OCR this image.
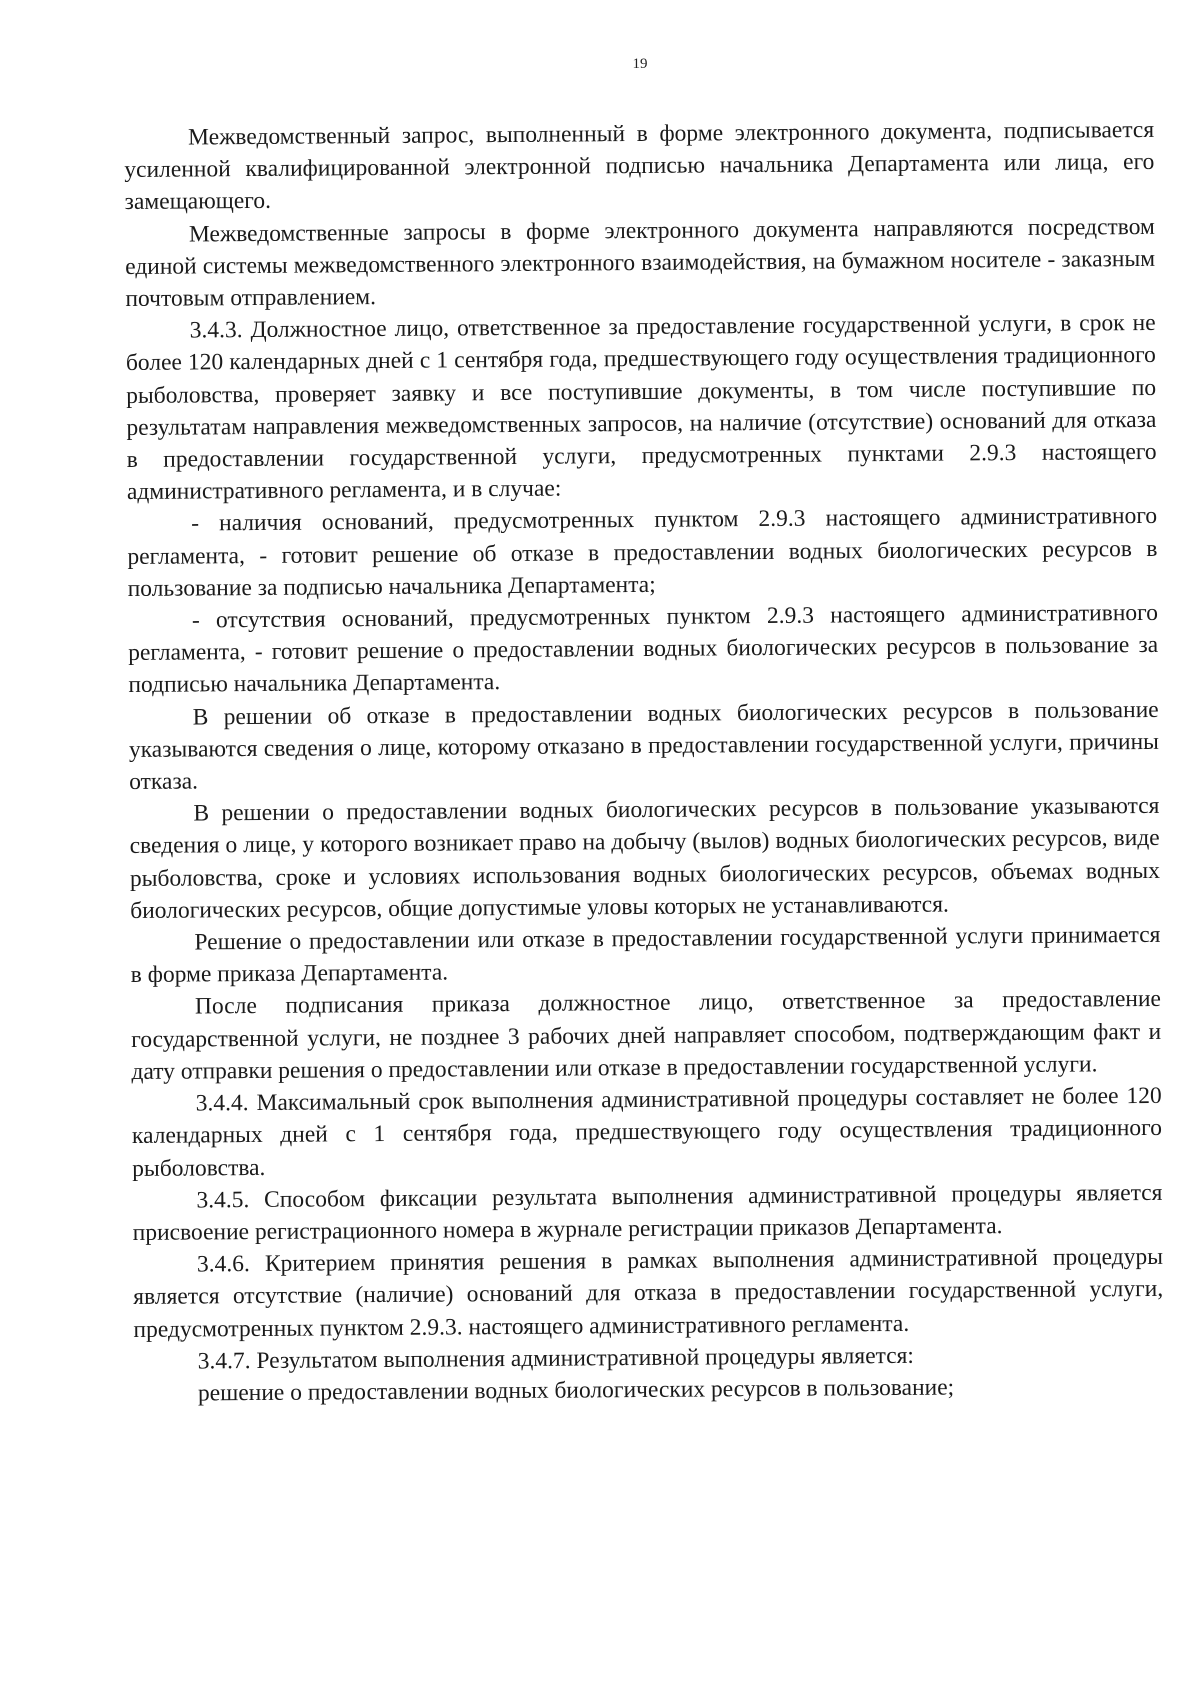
19

Межведомственный запрос, выполненный в форме электронного документа, подписывается усиленной квалифицированной электронной подписью начальника Департамента или лица, его замещающего.

Межведомственные запросы в форме электронного документа направляются посредством единой системы межведомственного электронного взаимодействия, на бумажном носителе - заказным почтовым отправлением.

3.4.3. Должностное лицо, ответственное за предоставление государственной услуги, в срок не более 120 календарных дней с 1 сентября года, предшествующего году осуществления традиционного рыболовства, проверяет заявку и все поступившие документы, в том числе поступившие по результатам направления межведомственных запросов, на наличие (отсутствие) оснований для отказа в предоставлении государственной услуги, предусмотренных пунктами 2.9.3 настоящего административного регламента, и в случае:

- наличия оснований, предусмотренных пунктом 2.9.3 настоящего административного регламента, - готовит решение об отказе в предоставлении водных биологических ресурсов в пользование за подписью начальника Департамента;

- отсутствия оснований, предусмотренных пунктом 2.9.3 настоящего административного регламента, - готовит решение о предоставлении водных биологических ресурсов в пользование за подписью начальника Департамента.

В решении об отказе в предоставлении водных биологических ресурсов в пользование указываются сведения о лице, которому отказано в предоставлении государственной услуги, причины отказа.

В решении о предоставлении водных биологических ресурсов в пользование указываются сведения о лице, у которого возникает право на добычу (вылов) водных биологических ресурсов, виде рыболовства, сроке и условиях использования водных биологических ресурсов, объемах водных биологических ресурсов, общие допустимые уловы которых не устанавливаются.

Решение о предоставлении или отказе в предоставлении государственной услуги принимается в форме приказа Департамента.

После подписания приказа должностное лицо, ответственное за предоставление государственной услуги, не позднее 3 рабочих дней направляет способом, подтверждающим факт и дату отправки решения о предоставлении или отказе в предоставлении государственной услуги.

3.4.4. Максимальный срок выполнения административной процедуры составляет не более 120 календарных дней с 1 сентября года, предшествующего году осуществления традиционного рыболовства.

3.4.5. Способом фиксации результата выполнения административной процедуры является присвоение регистрационного номера в журнале регистрации приказов Департамента.

3.4.6. Критерием принятия решения в рамках выполнения административной процедуры является отсутствие (наличие) оснований для отказа в предоставлении государственной услуги, предусмотренных пунктом 2.9.3. настоящего административного регламента.

3.4.7. Результатом выполнения административной процедуры является:

решение о предоставлении водных биологических ресурсов в пользование;
